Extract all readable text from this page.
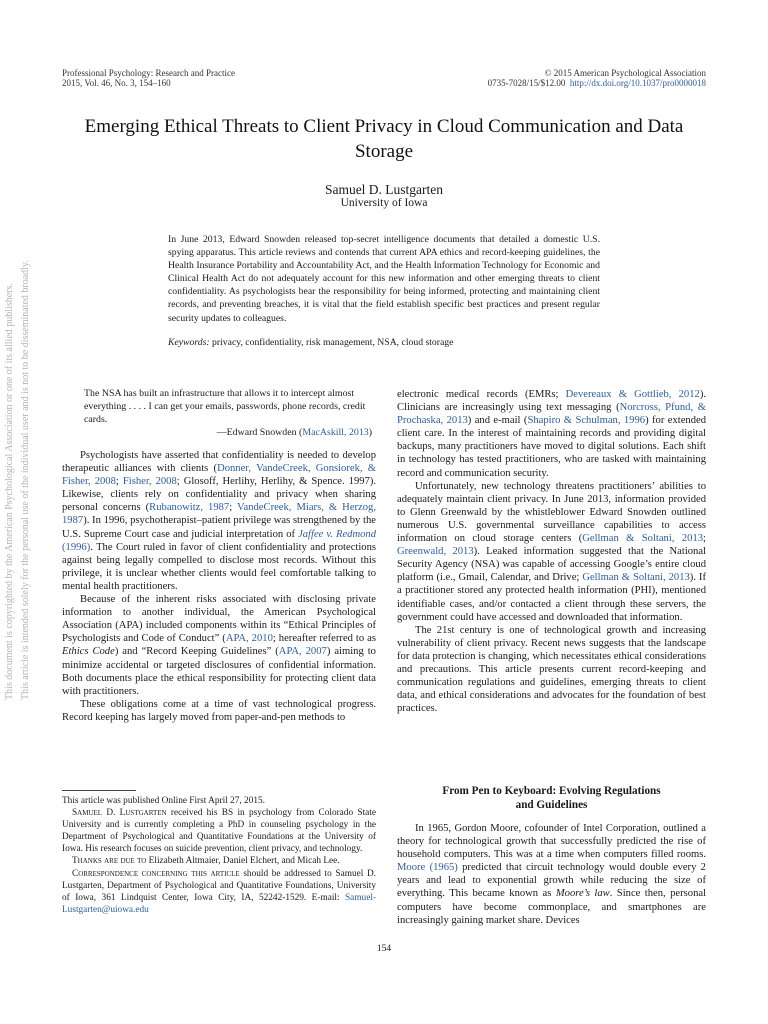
Professional Psychology: Research and Practice
2015, Vol. 46, No. 3, 154–160
© 2015 American Psychological Association
0735-7028/15/$12.00 http://dx.doi.org/10.1037/pro0000018
Emerging Ethical Threats to Client Privacy in Cloud Communication and Data Storage
Samuel D. Lustgarten
University of Iowa
In June 2013, Edward Snowden released top-secret intelligence documents that detailed a domestic U.S. spying apparatus. This article reviews and contends that current APA ethics and record-keeping guidelines, the Health Insurance Portability and Accountability Act, and the Health Information Technology for Economic and Clinical Health Act do not adequately account for this new information and other emerging threats to client confidentiality. As psychologists bear the responsibility for being informed, protecting and maintaining client records, and preventing breaches, it is vital that the field establish specific best practices and present regular security updates to colleagues.
Keywords: privacy, confidentiality, risk management, NSA, cloud storage
This document is copyrighted by the American Psychological Association or one of its allied publishers. This article is intended solely for the personal use of the individual user and is not to be disseminated broadly.	The NSA has built an infrastructure that allows it to intercept almost everything . . . . I can get your emails, passwords, phone records, credit cards.
—Edward Snowden (MacAskill, 2013)

Psychologists have asserted that confidentiality is needed to develop therapeutic alliances with clients (Donner, VandeCreek, Gonsiorek, & Fisher, 2008; Fisher, 2008; Glosoff, Herlihy, Herlihy, & Spence. 1997). Likewise, clients rely on confidentiality and privacy when sharing personal concerns (Rubanowitz, 1987; VandeCreek, Miars, & Herzog, 1987). In 1996, psychotherapist–patient privilege was strengthened by the U.S. Supreme Court case and judicial interpretation of Jaffee v. Redmond (1996). The Court ruled in favor of client confidentiality and protections against being legally compelled to disclose most records. Without this privilege, it is unclear whether clients would feel comfortable talking to mental health practitioners.

Because of the inherent risks associated with disclosing private information to another individual, the American Psychological Association (APA) included components within its “Ethical Principles of Psychologists and Code of Conduct” (APA, 2010; hereafter referred to as Ethics Code) and “Record Keeping Guidelines” (APA, 2007) aiming to minimize accidental or targeted disclosures of confidential information. Both documents place the ethical responsibility for protecting client data with practitioners.

These obligations come at a time of vast technological progress. Record keeping has largely moved from paper-and-pen methods to

This article was published Online First April 27, 2015.

Samuel D. Lustgarten received his BS in psychology from Colorado State University and is currently completing a PhD in counseling psychology in the Department of Psychological and Quantitative Foundations at the University of Iowa. His research focuses on suicide prevention, client privacy, and technology.

Thanks are due to Elizabeth Altmaier, Daniel Elchert, and Micah Lee.

Correspondence concerning this article should be addressed to Samuel D. Lustgarten, Department of Psychological and Quantitative Foundations, University of Iowa, 361 Lindquist Center, Iowa City, IA, 52242-1529. E-mail: Samuel-Lustgarten@uiowa.edu

electronic medical records (EMRs; Devereaux & Gottlieb, 2012). Clinicians are increasingly using text messaging (Norcross, Pfund, & Prochaska, 2013) and e-mail (Shapiro & Schulman, 1996) for extended client care. In the interest of maintaining records and providing digital backups, many practitioners have moved to digital solutions. Each shift in technology has tested practitioners, who are tasked with maintaining record and communication security.

Unfortunately, new technology threatens practitioners’ abilities to adequately maintain client privacy. In June 2013, information provided to Glenn Greenwald by the whistleblower Edward Snowden outlined numerous U.S. governmental surveillance capabilities to access information on cloud storage centers (Gellman & Soltani, 2013; Greenwald, 2013). Leaked information suggested that the National Security Agency (NSA) was capable of accessing Google’s entire cloud platform (i.e., Gmail, Calendar, and Drive; Gellman & Soltani, 2013). If a practitioner stored any protected health information (PHI), mentioned identifiable cases, and/or contacted a client through these servers, the government could have accessed and downloaded that information.

The 21st century is one of technological growth and increasing vulnerability of client privacy. Recent news suggests that the landscape for data protection is changing, which necessitates ethical considerations and precautions. This article presents current record-keeping and communication regulations and guidelines, emerging threats to client data, and ethical considerations and advocates for the foundation of best practices.

From Pen to Keyboard: Evolving Regulations
and Guidelines

In 1965, Gordon Moore, cofounder of Intel Corporation, outlined a theory for technological growth that successfully predicted the rise of household computers. This was at a time when computers filled rooms. Moore (1965) predicted that circuit technology would double every 2 years and lead to exponential growth while reducing the size of everything. This became known as Moore’s law. Since then, personal computers have become commonplace, and smartphones are increasingly gaining market share. Devices

154
